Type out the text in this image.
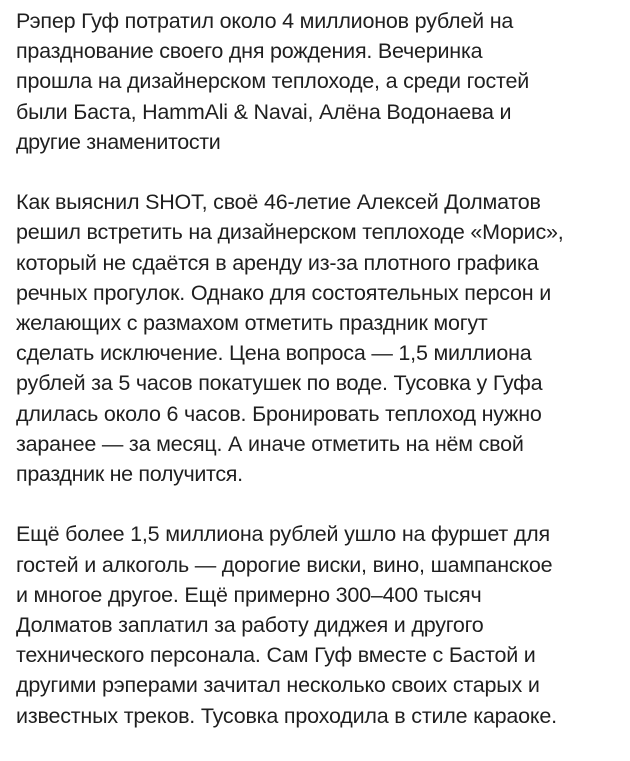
Рэпер Гуф потратил около 4 миллионов рублей на
празднование своего дня рождения. Вечеринка
прошла на дизайнерском теплоходе, а среди гостей
были Баста, HammAli & Navai, Алёна Водонаева и
другие знаменитости

Как выяснил SHOT, своё 46-летие Алексей Долматов
решил встретить на дизайнерском теплоходе «Морис»,
который не сдаётся в аренду из-за плотного графика
речных прогулок. Однако для состоятельных персон и
желающих с размахом отметить праздник могут
сделать исключение. Цена вопроса — 1,5 миллиона
рублей за 5 часов покатушек по воде. Тусовка у Гуфа
длилась около 6 часов. Бронировать теплоход нужно
заранее — за месяц. А иначе отметить на нём свой
праздник не получится.

Ещё более 1,5 миллиона рублей ушло на фуршет для
гостей и алкоголь — дорогие виски, вино, шампанское
и многое другое. Ещё примерно 300–400 тысяч
Долматов заплатил за работу диджея и другого
технического персонала. Сам Гуф вместе с Бастой и
другими рэперами зачитал несколько своих старых и
известных треков. Тусовка проходила в стиле караоке.
